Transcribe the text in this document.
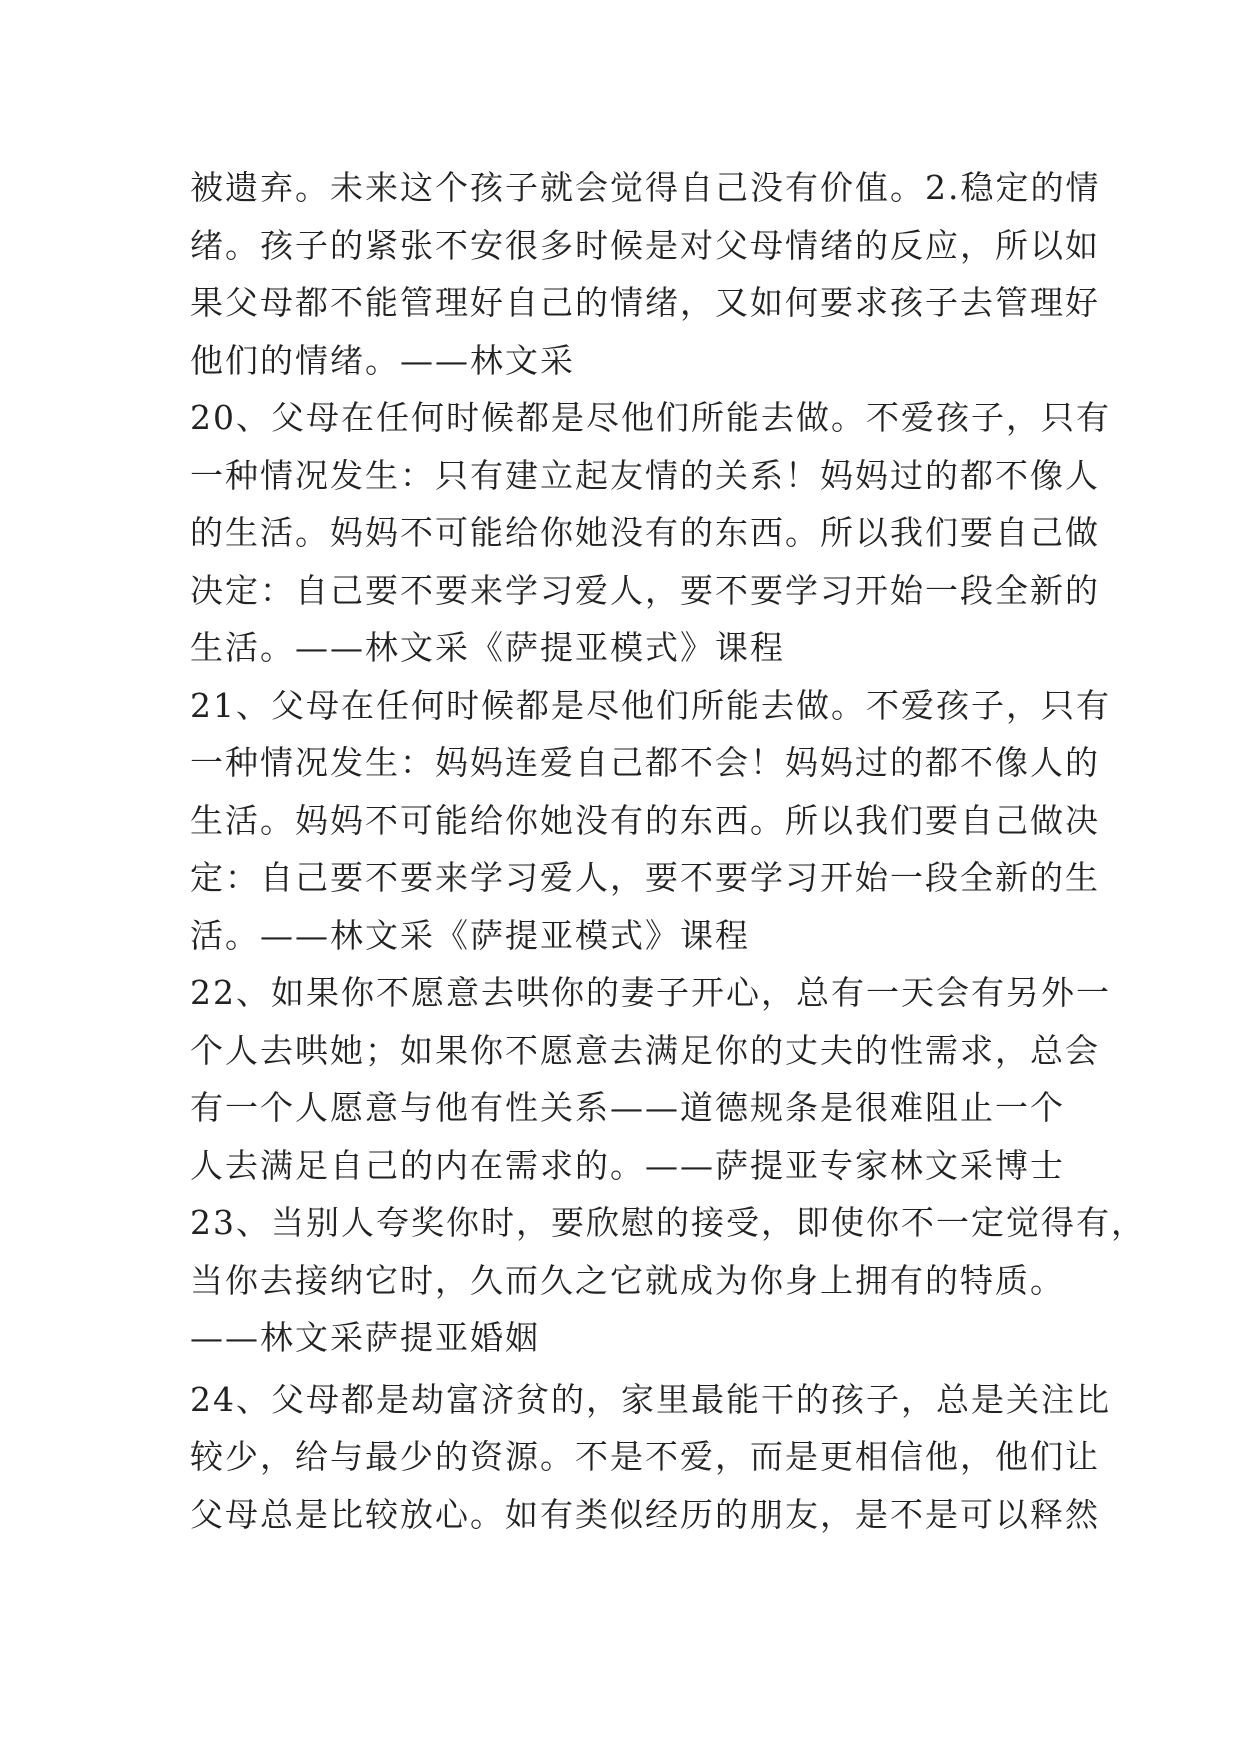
被遗弃。未来这个孩子就会觉得自己没有价值。2.稳定的情
绪。孩子的紧张不安很多时候是对父母情绪的反应，所以如
果父母都不能管理好自己的情绪，又如何要求孩子去管理好
他们的情绪。——林文采
20、父母在任何时候都是尽他们所能去做。不爱孩子，只有
一种情况发生：只有建立起友情的关系！妈妈过的都不像人
的生活。妈妈不可能给你她没有的东西。所以我们要自己做
决定：自己要不要来学习爱人，要不要学习开始一段全新的
生活。——林文采《萨提亚模式》课程
21、父母在任何时候都是尽他们所能去做。不爱孩子，只有
一种情况发生：妈妈连爱自己都不会！妈妈过的都不像人的
生活。妈妈不可能给你她没有的东西。所以我们要自己做决
定：自己要不要来学习爱人，要不要学习开始一段全新的生
活。——林文采《萨提亚模式》课程
22、如果你不愿意去哄你的妻子开心，总有一天会有另外一
个人去哄她；如果你不愿意去满足你的丈夫的性需求，总会
有一个人愿意与他有性关系——道德规条是很难阻止一个
人去满足自己的内在需求的。——萨提亚专家林文采博士
23、当别人夸奖你时，要欣慰的接受，即使你不一定觉得有，
当你去接纳它时，久而久之它就成为你身上拥有的特质。
——林文采萨提亚婚姻
24、父母都是劫富济贫的，家里最能干的孩子，总是关注比
较少，给与最少的资源。不是不爱，而是更相信他，他们让
父母总是比较放心。如有类似经历的朋友，是不是可以释然
